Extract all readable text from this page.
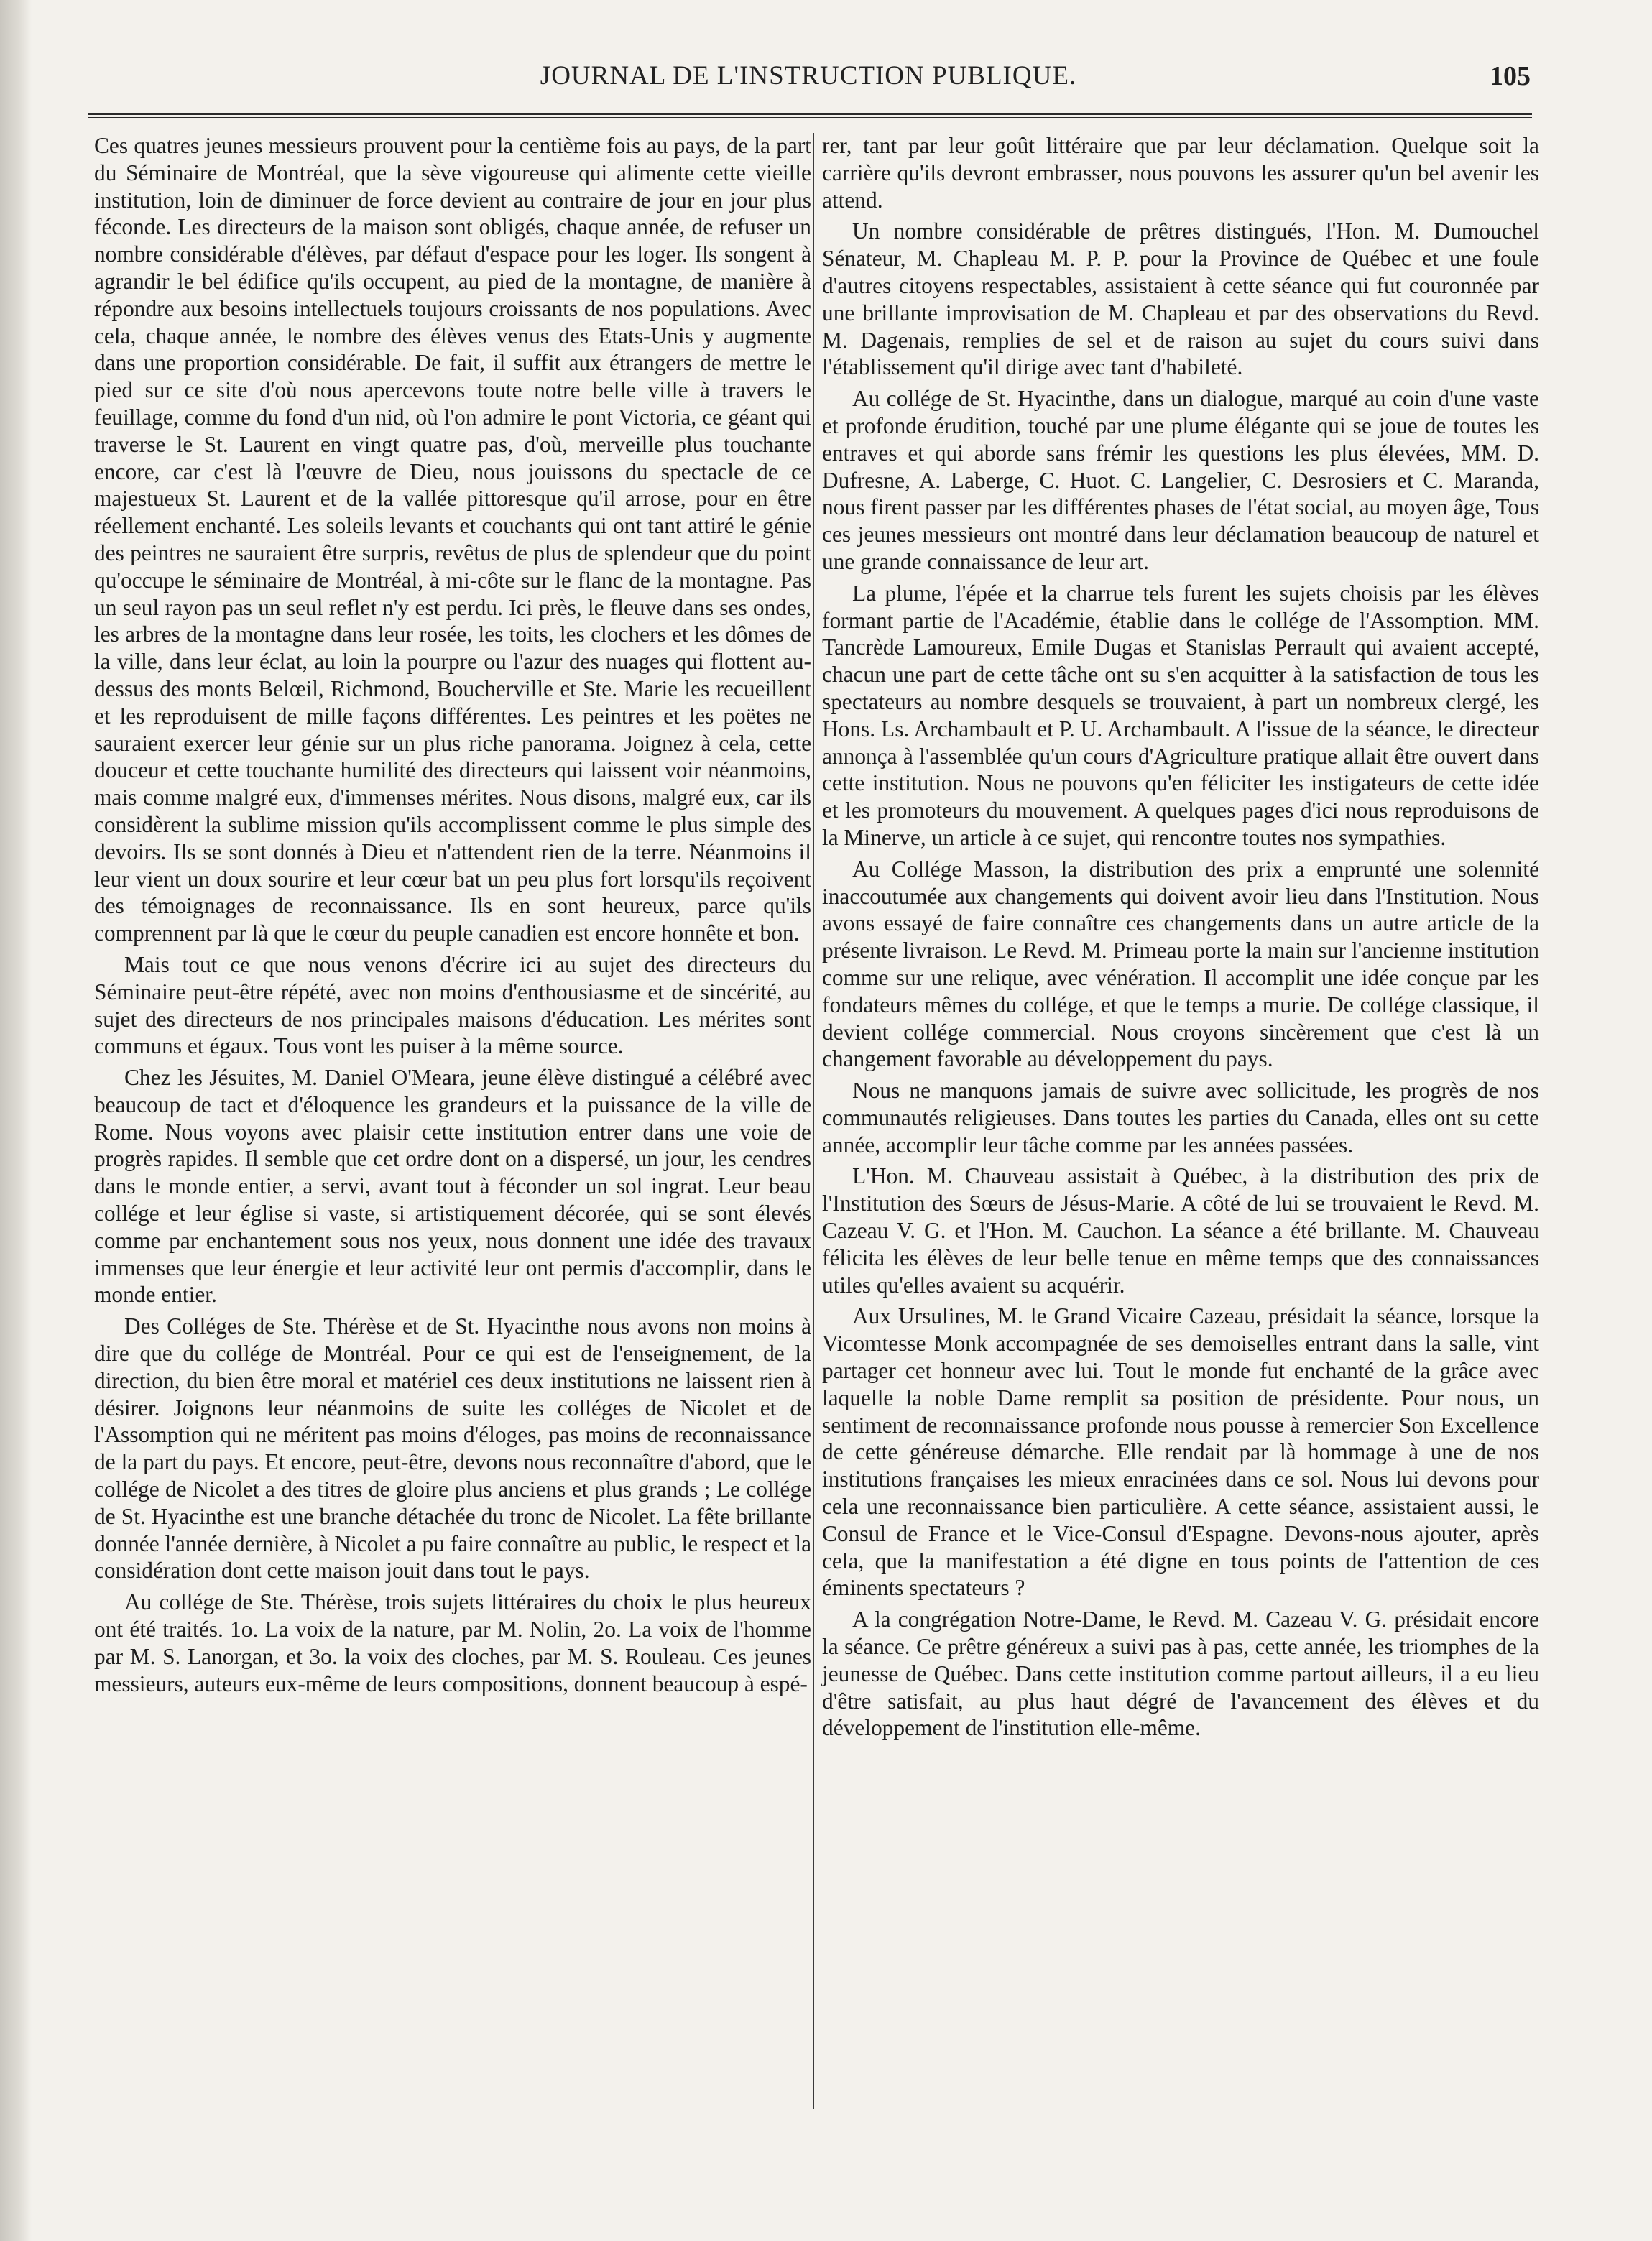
JOURNAL DE L'INSTRUCTION PUBLIQUE.	105

Ces quatres jeunes messieurs prouvent pour la centième fois au pays, de la part du Séminaire de Montréal, que la sève vigoureuse qui alimente cette vieille institution, loin de diminuer de force devient au contraire de jour en jour plus féconde. Les directeurs de la maison sont obligés, chaque année, de refuser un nombre considérable d'élèves, par défaut d'espace pour les loger. Ils songent à agrandir le bel édifice qu'ils occupent, au pied de la montagne, de manière à répondre aux besoins intellectuels toujours croissants de nos populations. Avec cela, chaque année, le nombre des élèves venus des Etats-Unis y augmente dans une proportion considérable. De fait, il suffit aux étrangers de mettre le pied sur ce site d'où nous apercevons toute notre belle ville à travers le feuillage, comme du fond d'un nid, où l'on admire le pont Victoria, ce géant qui traverse le St. Laurent en vingt quatre pas, d'où, merveille plus touchante encore, car c'est là l'œuvre de Dieu, nous jouissons du spectacle de ce majestueux St. Laurent et de la vallée pittoresque qu'il arrose, pour en être réellement enchanté. Les soleils levants et couchants qui ont tant attiré le génie des peintres ne sauraient être surpris, revêtus de plus de splendeur que du point qu'occupe le séminaire de Montréal, à mi-côte sur le flanc de la montagne. Pas un seul rayon pas un seul reflet n'y est perdu. Ici près, le fleuve dans ses ondes, les arbres de la montagne dans leur rosée, les toits, les clochers et les dômes de la ville, dans leur éclat, au loin la pourpre ou l'azur des nuages qui flottent au-dessus des monts Belœil, Richmond, Boucherville et Ste. Marie les recueillent et les reproduisent de mille façons différentes. Les peintres et les poëtes ne sauraient exercer leur génie sur un plus riche panorama. Joignez à cela, cette douceur et cette touchante humilité des directeurs qui laissent voir néanmoins, mais comme malgré eux, d'immenses mérites. Nous disons, malgré eux, car ils considèrent la sublime mission qu'ils accomplissent comme le plus simple des devoirs. Ils se sont donnés à Dieu et n'attendent rien de la terre. Néanmoins il leur vient un doux sourire et leur cœur bat un peu plus fort lorsqu'ils reçoivent des témoignages de reconnaissance. Ils en sont heureux, parce qu'ils comprennent par là que le cœur du peuple canadien est encore honnête et bon.

Mais tout ce que nous venons d'écrire ici au sujet des directeurs du Séminaire peut-être répété, avec non moins d'enthousiasme et de sincérité, au sujet des directeurs de nos principales maisons d'éducation. Les mérites sont communs et égaux. Tous vont les puiser à la même source.

Chez les Jésuites, M. Daniel O'Meara, jeune élève distingué a célébré avec beaucoup de tact et d'éloquence les grandeurs et la puissance de la ville de Rome. Nous voyons avec plaisir cette institution entrer dans une voie de progrès rapides. Il semble que cet ordre dont on a dispersé, un jour, les cendres dans le monde entier, a servi, avant tout à féconder un sol ingrat. Leur beau collége et leur église si vaste, si artistiquement décorée, qui se sont élevés comme par enchantement sous nos yeux, nous donnent une idée des travaux immenses que leur énergie et leur activité leur ont permis d'accomplir, dans le monde entier.

Des Colléges de Ste. Thérèse et de St. Hyacinthe nous avons non moins à dire que du collége de Montréal. Pour ce qui est de l'enseignement, de la direction, du bien être moral et matériel ces deux institutions ne laissent rien à désirer. Joignons leur néanmoins de suite les colléges de Nicolet et de l'Assomption qui ne méritent pas moins d'éloges, pas moins de reconnaissance de la part du pays. Et encore, peut-être, devons nous reconnaître d'abord, que le collége de Nicolet a des titres de gloire plus anciens et plus grands ; Le collége de St. Hyacinthe est une branche détachée du tronc de Nicolet. La fête brillante donnée l'année dernière, à Nicolet a pu faire connaître au public, le respect et la considération dont cette maison jouit dans tout le pays.

Au collége de Ste. Thérèse, trois sujets littéraires du choix le plus heureux ont été traités. 1o. La voix de la nature, par M. Nolin, 2o. La voix de l'homme par M. S. Lanorgan, et 3o. la voix des cloches, par M. S. Rouleau. Ces jeunes messieurs, auteurs eux-même de leurs compositions, donnent beaucoup à espé-

rer, tant par leur goût littéraire que par leur déclamation. Quelque soit la carrière qu'ils devront embrasser, nous pouvons les assurer qu'un bel avenir les attend.

Un nombre considérable de prêtres distingués, l'Hon. M. Dumouchel Sénateur, M. Chapleau M. P. P. pour la Province de Québec et une foule d'autres citoyens respectables, assistaient à cette séance qui fut couronnée par une brillante improvisation de M. Chapleau et par des observations du Revd. M. Dagenais, remplies de sel et de raison au sujet du cours suivi dans l'établissement qu'il dirige avec tant d'habileté.

Au collége de St. Hyacinthe, dans un dialogue, marqué au coin d'une vaste et profonde érudition, touché par une plume élégante qui se joue de toutes les entraves et qui aborde sans frémir les questions les plus élevées, MM. D. Dufresne, A. Laberge, C. Huot. C. Langelier, C. Desrosiers et C. Maranda, nous firent passer par les différentes phases de l'état social, au moyen âge, Tous ces jeunes messieurs ont montré dans leur déclamation beaucoup de naturel et une grande connaissance de leur art.

La plume, l'épée et la charrue tels furent les sujets choisis par les élèves formant partie de l'Académie, établie dans le collége de l'Assomption. MM. Tancrède Lamoureux, Emile Dugas et Stanislas Perrault qui avaient accepté, chacun une part de cette tâche ont su s'en acquitter à la satisfaction de tous les spectateurs au nombre desquels se trouvaient, à part un nombreux clergé, les Hons. Ls. Archambault et P. U. Archambault. A l'issue de la séance, le directeur annonça à l'assemblée qu'un cours d'Agriculture pratique allait être ouvert dans cette institution. Nous ne pouvons qu'en féliciter les instigateurs de cette idée et les promoteurs du mouvement. A quelques pages d'ici nous reproduisons de la Minerve, un article à ce sujet, qui rencontre toutes nos sympathies.

Au Collége Masson, la distribution des prix a emprunté une solennité inaccoutumée aux changements qui doivent avoir lieu dans l'Institution. Nous avons essayé de faire connaître ces changements dans un autre article de la présente livraison. Le Revd. M. Primeau porte la main sur l'ancienne institution comme sur une relique, avec vénération. Il accomplit une idée conçue par les fondateurs mêmes du collége, et que le temps a murie. De collége classique, il devient collége commercial. Nous croyons sincèrement que c'est là un changement favorable au développement du pays.

Nous ne manquons jamais de suivre avec sollicitude, les progrès de nos communautés religieuses. Dans toutes les parties du Canada, elles ont su cette année, accomplir leur tâche comme par les années passées.

L'Hon. M. Chauveau assistait à Québec, à la distribution des prix de l'Institution des Sœurs de Jésus-Marie. A côté de lui se trouvaient le Revd. M. Cazeau V. G. et l'Hon. M. Cauchon. La séance a été brillante. M. Chauveau félicita les élèves de leur belle tenue en même temps que des connaissances utiles qu'elles avaient su acquérir.

Aux Ursulines, M. le Grand Vicaire Cazeau, présidait la séance, lorsque la Vicomtesse Monk accompagnée de ses demoiselles entrant dans la salle, vint partager cet honneur avec lui. Tout le monde fut enchanté de la grâce avec laquelle la noble Dame remplit sa position de présidente. Pour nous, un sentiment de reconnaissance profonde nous pousse à remercier Son Excellence de cette généreuse démarche. Elle rendait par là hommage à une de nos institutions françaises les mieux enracinées dans ce sol. Nous lui devons pour cela une reconnaissance bien particulière. A cette séance, assistaient aussi, le Consul de France et le Vice-Consul d'Espagne. Devons-nous ajouter, après cela, que la manifestation a été digne en tous points de l'attention de ces éminents spectateurs ?

A la congrégation Notre-Dame, le Revd. M. Cazeau V. G. présidait encore la séance. Ce prêtre généreux a suivi pas à pas, cette année, les triomphes de la jeunesse de Québec. Dans cette institution comme partout ailleurs, il a eu lieu d'être satisfait, au plus haut dégré de l'avancement des élèves et du développement de l'institution elle-même.
